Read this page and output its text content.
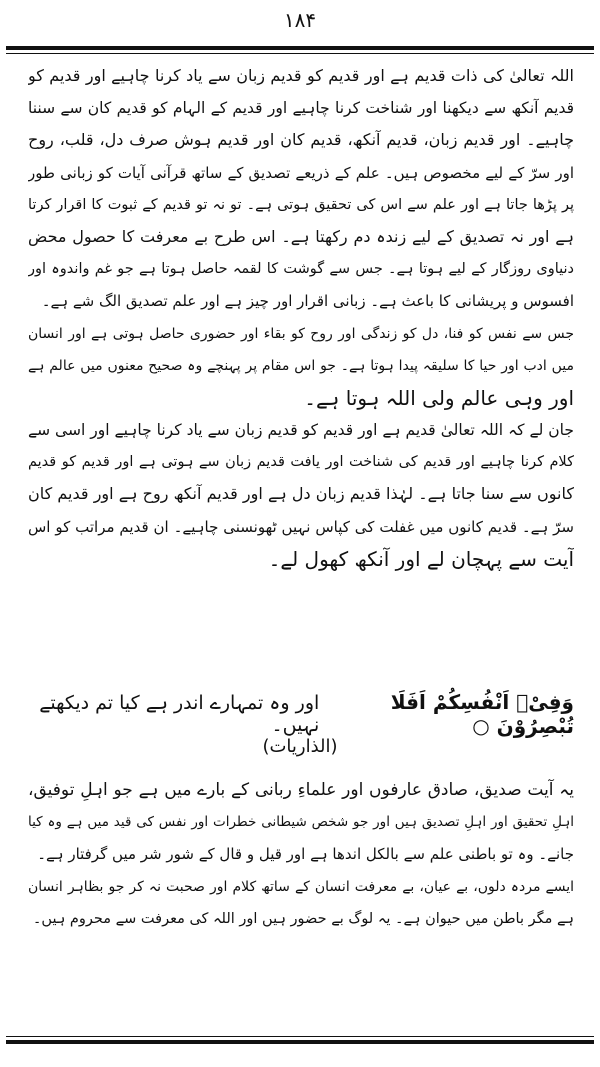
۱۸۴
اللہ تعالیٰ کی ذات قدیم ہے اور قدیم کو قدیم زبان سے یاد کرنا چاہیے اور قدیم کو
قدیم آنکھ سے دیکھنا اور شناخت کرنا چاہیے اور قدیم کے الہام کو قدیم کان سے سننا
چاہیے۔ اور قدیم زبان، قدیم آنکھ، قدیم کان اور قدیم ہوش صرف دل، قلب، روح
اور سرّ کے لیے مخصوص ہیں۔ علم کے ذریعے تصدیق کے ساتھ قرآنی آیات کو زبانی طور
پر پڑھا جاتا ہے اور علم سے اس کی تحقیق ہوتی ہے۔ تو نہ تو قدیم کے ثبوت کا اقرار کرتا
ہے اور نہ تصدیق کے لیے زندہ دم رکھتا ہے۔ اس طرح بے معرفت کا حصول محض
دنیاوی روزگار کے لیے ہوتا ہے۔ جس سے گوشت کا لقمہ حاصل ہوتا ہے جو غم واندوہ اور
افسوس و پریشانی کا باعث ہے۔ زبانی اقرار اور چیز ہے اور علم تصدیق الگ شے ہے۔
جس سے نفس کو فنا، دل کو زندگی اور روح کو بقاء اور حضوری حاصل ہوتی ہے اور انسان
میں ادب اور حیا کا سلیقہ پیدا ہوتا ہے۔ جو اس مقام پر پہنچے وہ صحیح معنوں میں عالم ہے
اور وہی عالم ولی اللہ ہوتا ہے۔
جان لے کہ اللہ تعالیٰ قدیم ہے اور قدیم کو قدیم زبان سے یاد کرنا چاہیے اور اسی سے
کلام کرنا چاہیے اور قدیم کی شناخت اور یافت قدیم زبان سے ہوتی ہے اور قدیم کو قدیم
کانوں سے سنا جاتا ہے۔ لہٰذا قدیم زبان دل ہے اور قدیم آنکھ روح ہے اور قدیم کان
سرّ ہے۔ قدیم کانوں میں غفلت کی کپاس نہیں ٹھونسنی چاہیے۔ ان قدیم مراتب کو اس
آیت سے پہچان لے اور آنکھ کھول لے۔
وَفِیْۤ اَنْفُسِكُمْ اَفَلَا تُبْصِرُوْنَ ○
اور وہ تمہارے اندر ہے کیا تم دیکھتے نہیں۔
(الذاریات)
یہ آیت صدیق، صادق عارفوں اور علماءِ ربانی کے بارے میں ہے جو اہلِ توفیق،
اہلِ تحقیق اور اہلِ تصدیق ہیں اور جو شخص شیطانی خطرات اور نفس کی قید میں ہے وہ کیا
جانے۔ وہ تو باطنی علم سے بالکل اندھا ہے اور قیل و قال کے شور شر میں گرفتار ہے۔
ایسے مردہ دلوں، بے عیان، بے معرفت انسان کے ساتھ کلام اور صحبت نہ کر جو بظاہر انسان
ہے مگر باطن میں حیوان ہے۔ یہ لوگ بے حضور ہیں اور اللہ کی معرفت سے محروم ہیں۔
